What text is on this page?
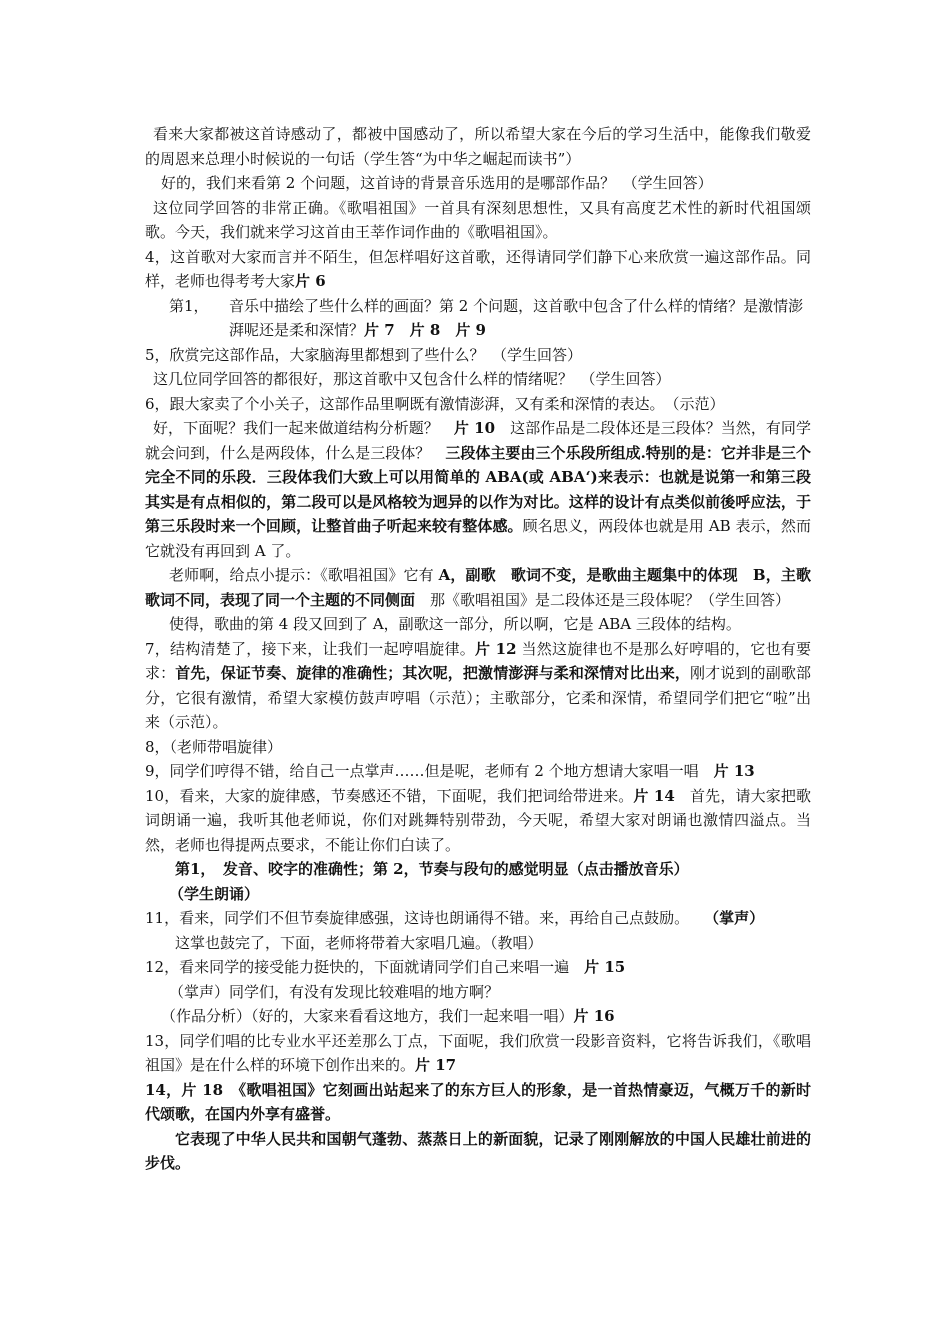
看来大家都被这首诗感动了，都被中国感动了，所以希望大家在今后的学习生活中，能像我们敬爱的周恩来总理小时候说的一句话（学生答“为中华之崛起而读书”）

好的，我们来看第 2 个问题，这首诗的背景音乐选用的是哪部作品？　（学生回答）

这位同学回答的非常正确。《歌唱祖国》一首具有深刻思想性，又具有高度艺术性的新时代祖国颂歌。今天，我们就来学习这首由王莘作词作曲的《歌唱祖国》。

4，这首歌对大家而言并不陌生，但怎样唱好这首歌，还得请同学们静下心来欣赏一遍这部作品。同样，老师也得考考大家片 6

第1，	音乐中描绘了些什么样的画面？第 2 个问题，这首歌中包含了什么样的情绪？是激情澎湃呢还是柔和深情？片 7　片 8　片 9

5，欣赏完这部作品，大家脑海里都想到了些什么？　（学生回答）

这几位同学回答的都很好，那这首歌中又包含什么样的情绪呢？　（学生回答）

6，跟大家卖了个小关子，这部作品里啊既有激情澎湃，又有柔和深情的表达。　（示范）

好，下面呢？我们一起来做道结构分析题？　片 10　这部作品是二段体还是三段体？当然，有同学就会问到，什么是两段体，什么是三段体？　三段体主要由三个乐段所组成.特别的是：它并非是三个完全不同的乐段．三段体我们大致上可以用简单的 ABA(或 ABA‘)来表示：也就是说第一和第三段其实是有点相似的，第二段可以是风格较为迥异的以作为对比。这样的设计有点类似前後呼应法，于第三乐段时来一个回顾，让整首曲子听起来较有整体感。顾名思义，两段体也就是用 AB 表示，然而它就没有再回到 A 了。

老师啊，给点小提示：《歌唱祖国》它有 A，副歌　歌词不变，是歌曲主题集中的体现　B，主歌　歌词不同，表现了同一个主题的不同侧面　那《歌唱祖国》是二段体还是三段体呢？（学生回答）

使得，歌曲的第 4 段又回到了 A，副歌这一部分，所以啊，它是 ABA 三段体的结构。

7，结构清楚了，接下来，让我们一起哼唱旋律。片 12 当然这旋律也不是那么好哼唱的，它也有要求：首先，保证节奏、旋律的准确性；其次呢，把激情澎湃与柔和深情对比出来，刚才说到的副歌部分，它很有激情，希望大家模仿鼓声哼唱（示范）；主歌部分，它柔和深情，希望同学们把它“啦”出来（示范）。

8，（老师带唱旋律）

9，同学们哼得不错，给自己一点掌声……但是呢，老师有 2 个地方想请大家唱一唱　片 13

10，看来，大家的旋律感，节奏感还不错，下面呢，我们把词给带进来。片 14　首先，请大家把歌词朗诵一遍，我听其他老师说，你们对跳舞特别带劲，今天呢，希望大家对朗诵也激情四溢点。当然，老师也得提两点要求，不能让你们白读了。

第1，　发音、咬字的准确性；第 2，节奏与段句的感觉明显（点击播放音乐）

（学生朗诵）

11，看来，同学们不但节奏旋律感强，这诗也朗诵得不错。来，再给自己点鼓励。　　（掌声）

这掌也鼓完了，下面，老师将带着大家唱几遍。（教唱）

12，看来同学的接受能力挺快的，下面就请同学们自己来唱一遍　片 15

（掌声）同学们，有没有发现比较难唱的地方啊？

（作品分析）（好的，大家来看看这地方，我们一起来唱一唱）片 16

13，同学们唱的比专业水平还差那么丁点，下面呢，我们欣赏一段影音资料，它将告诉我们，《歌唱祖国》是在什么样的环境下创作出来的。片 17

14，片 18　《歌唱祖国》它刻画出站起来了的东方巨人的形象，是一首热情豪迈，气概万千的新时代颂歌，在国内外享有盛誉。

它表现了中华人民共和国朝气蓬勃、蒸蒸日上的新面貌，记录了刚刚解放的中国人民雄壮前进的步伐。
